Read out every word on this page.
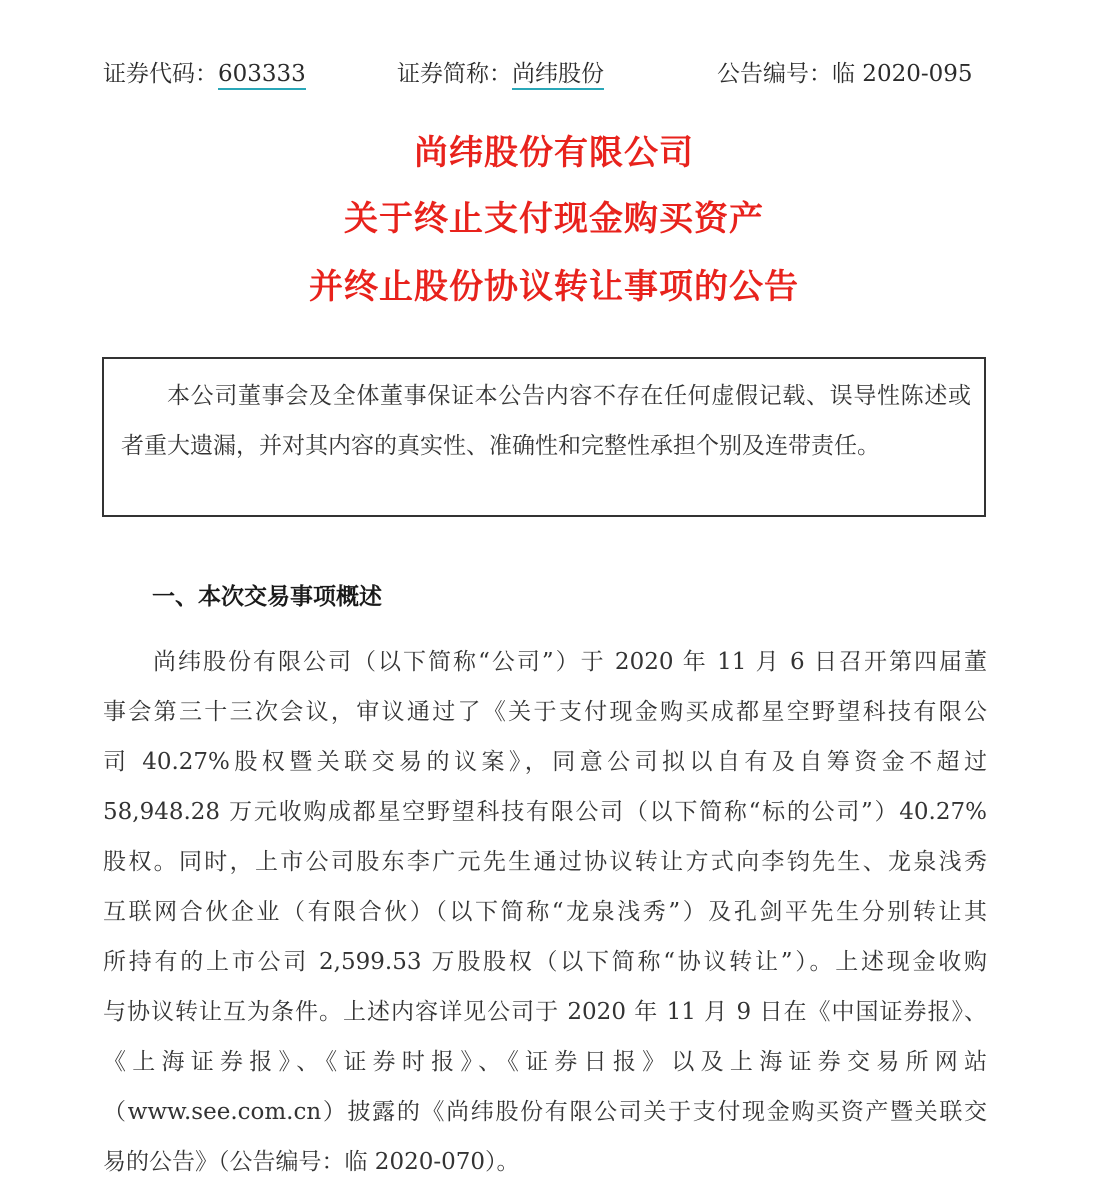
证券代码：603333	证券简称：尚纬股份	公告编号：临 2020-095
尚纬股份有限公司
关于终止支付现金购买资产
并终止股份协议转让事项的公告
本公司董事会及全体董事保证本公告内容不存在任何虚假记载、误导性陈述或者重大遗漏，并对其内容的真实性、准确性和完整性承担个别及连带责任。
一、本次交易事项概述
尚纬股份有限公司（以下简称“公司”）于 2020 年 11 月 6 日召开第四届董
事会第三十三次会议，审议通过了《关于支付现金购买成都星空野望科技有限公
司 40.27%股权暨关联交易的议案》，同意公司拟以自有及自筹资金不超过
58,948.28 万元收购成都星空野望科技有限公司（以下简称“标的公司”）40.27%
股权。同时，上市公司股东李广元先生通过协议转让方式向李钧先生、龙泉浅秀
互联网合伙企业（有限合伙）（以下简称“龙泉浅秀”）及孔剑平先生分别转让其
所持有的上市公司 2,599.53 万股股权（以下简称“协议转让”）。上述现金收购
与协议转让互为条件。上述内容详见公司于 2020 年 11 月 9 日在《中国证券报》、
《上海证券报》、《证券时报》、《证券日报》以及上海证券交易所网站
（www.see.com.cn）披露的《尚纬股份有限公司关于支付现金购买资产暨关联交
易的公告》（公告编号：临 2020-070）。
